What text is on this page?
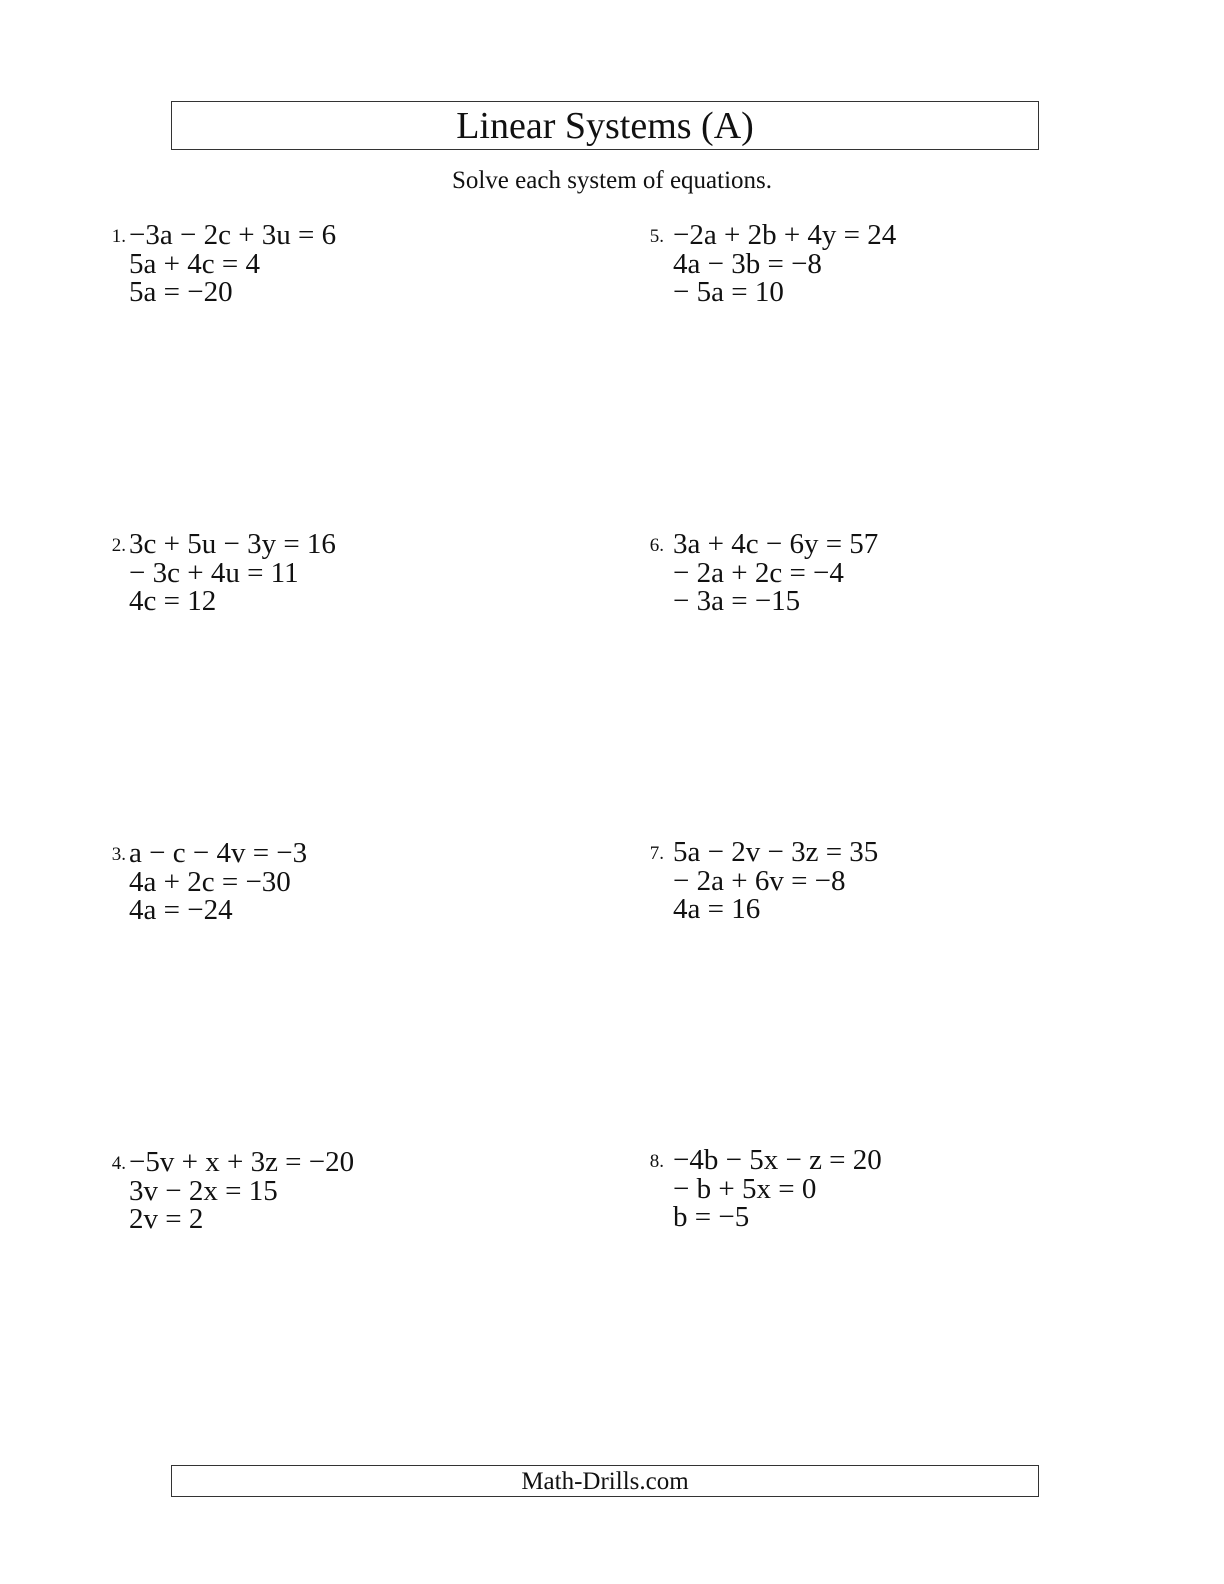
Linear Systems (A)
Solve each system of equations.
1. −3a − 2c + 3u = 6
5a + 4c = 4
5a = −20
2. 3c + 5u − 3y = 16
− 3c + 4u = 11
4c = 12
3. a − c − 4v = −3
4a + 2c = −30
4a = −24
4. −5v + x + 3z = −20
3v − 2x = 15
2v = 2
5. −2a + 2b + 4y = 24
4a − 3b = −8
− 5a = 10
6. 3a + 4c − 6y = 57
− 2a + 2c = −4
− 3a = −15
7. 5a − 2v − 3z = 35
− 2a + 6v = −8
4a = 16
8. −4b − 5x − z = 20
− b + 5x = 0
b = −5
Math-Drills.com
